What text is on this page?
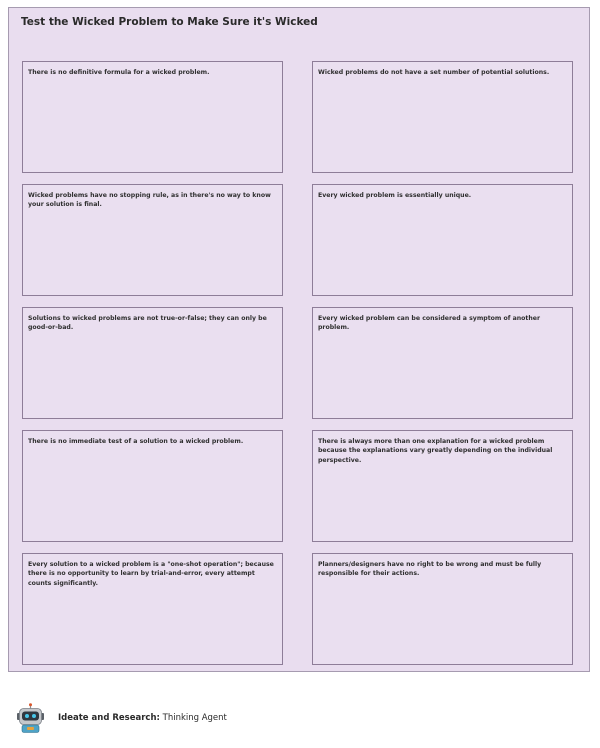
Test the Wicked Problem to Make Sure it's Wicked
There is no definitive formula for a wicked problem.	Wicked problems do not have a set number of potential solutions.
Wicked problems have no stopping rule, as in there's no way to know your solution is final.
Every wicked problem is essentially unique.
Solutions to wicked problems are not true-or-false; they can only be good-or-bad.
Every wicked problem can be considered a symptom of another problem.
There is no immediate test of a solution to a wicked problem.	There is always more than one explanation for a wicked problem because the explanations vary greatly depending on the individual perspective.
Every solution to a wicked problem is a "one-shot operation"; because there is no opportunity to learn by trial-and-error, every attempt counts significantly.
Planners/designers have no right to be wrong and must be fully responsible for their actions.
Ideate and Research: Thinking Agent
